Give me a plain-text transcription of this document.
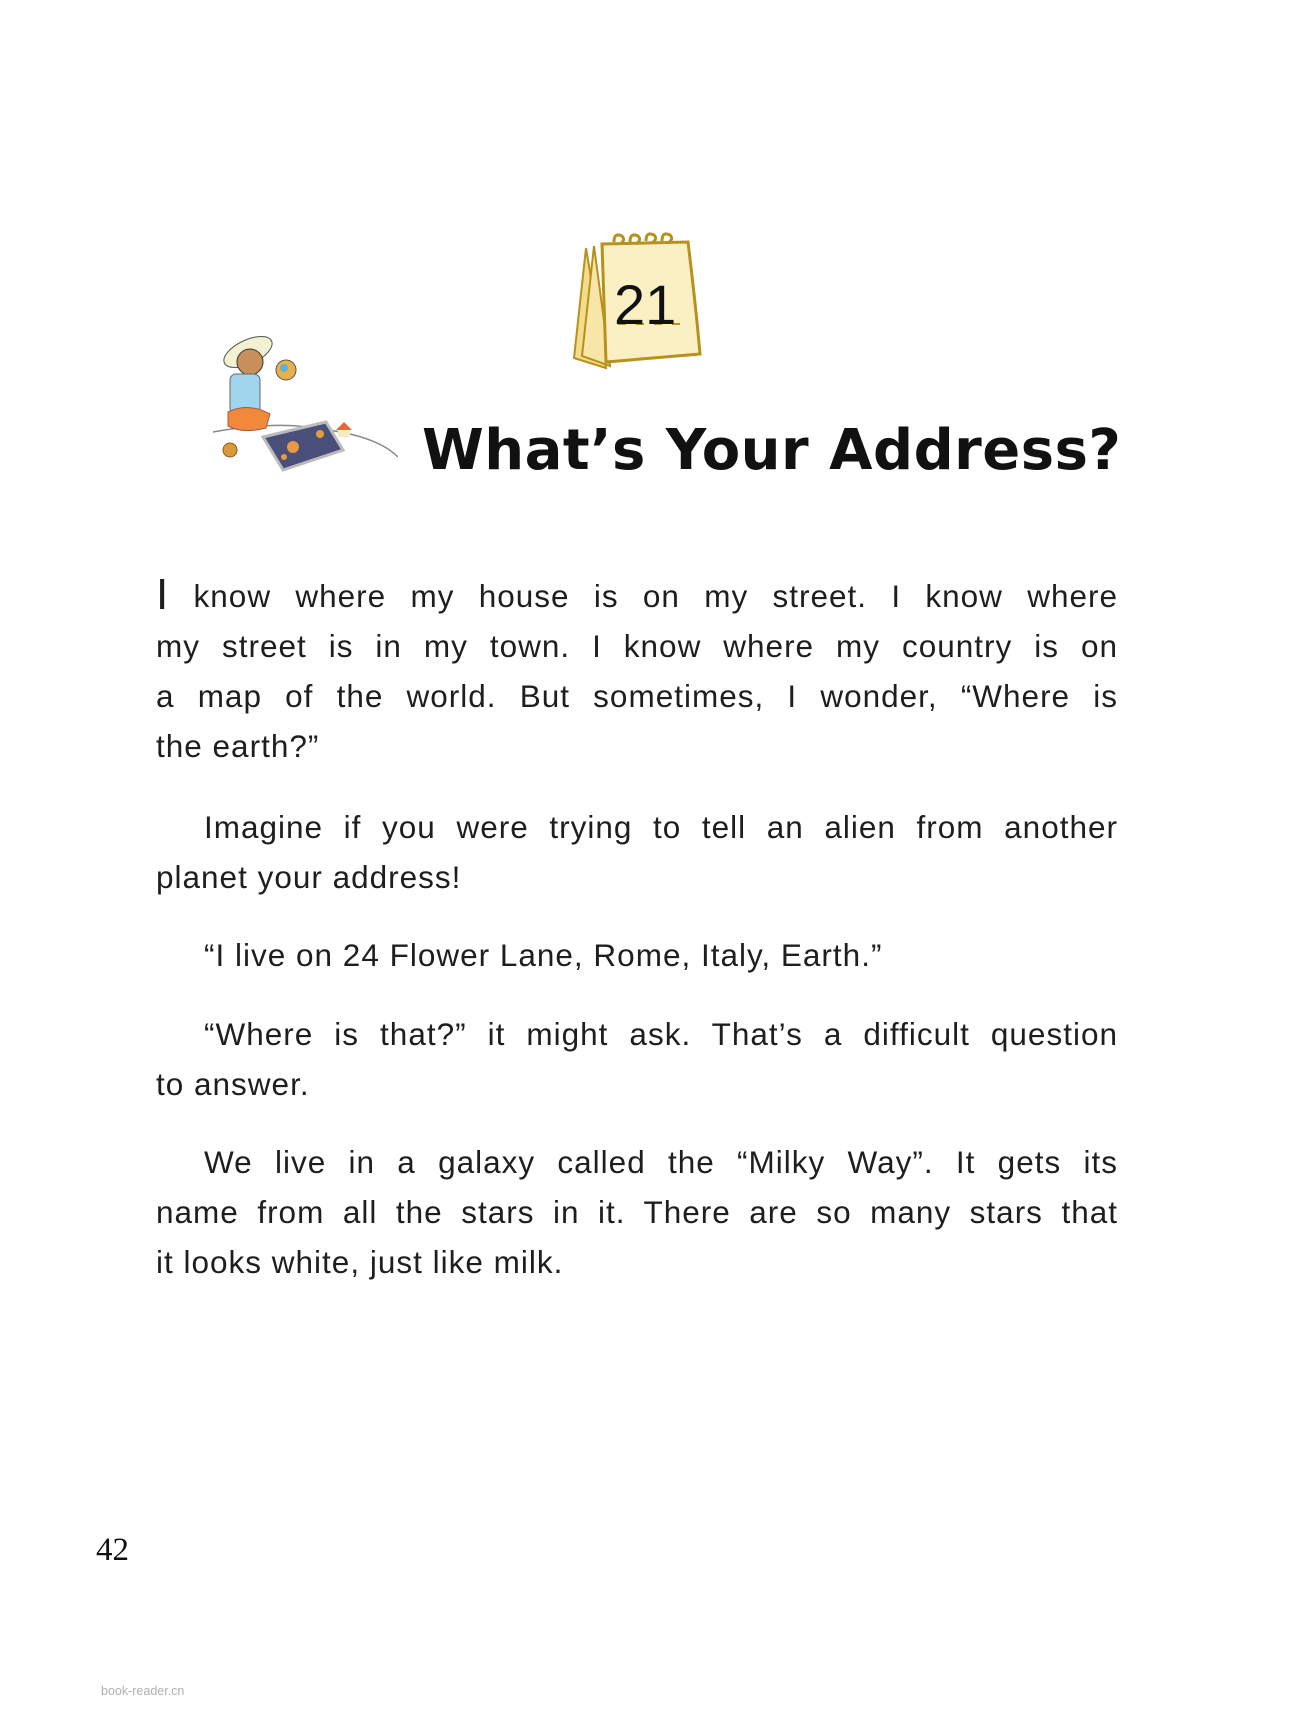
21
What’s Your Address?
I know where my house is on my street. I know where
my street is in my town. I know where my country is on
a map of the world. But sometimes, I wonder, “Where is
the earth?”
Imagine if you were trying to tell an alien from another
planet your address!
“I live on 24 Flower Lane, Rome, Italy, Earth.”
“Where is that?” it might ask. That’s a difficult question
to answer.
We live in a galaxy called the “Milky Way”. It gets its
name from all the stars in it. There are so many stars that
it looks white, just like milk.
42
book-reader.cn
